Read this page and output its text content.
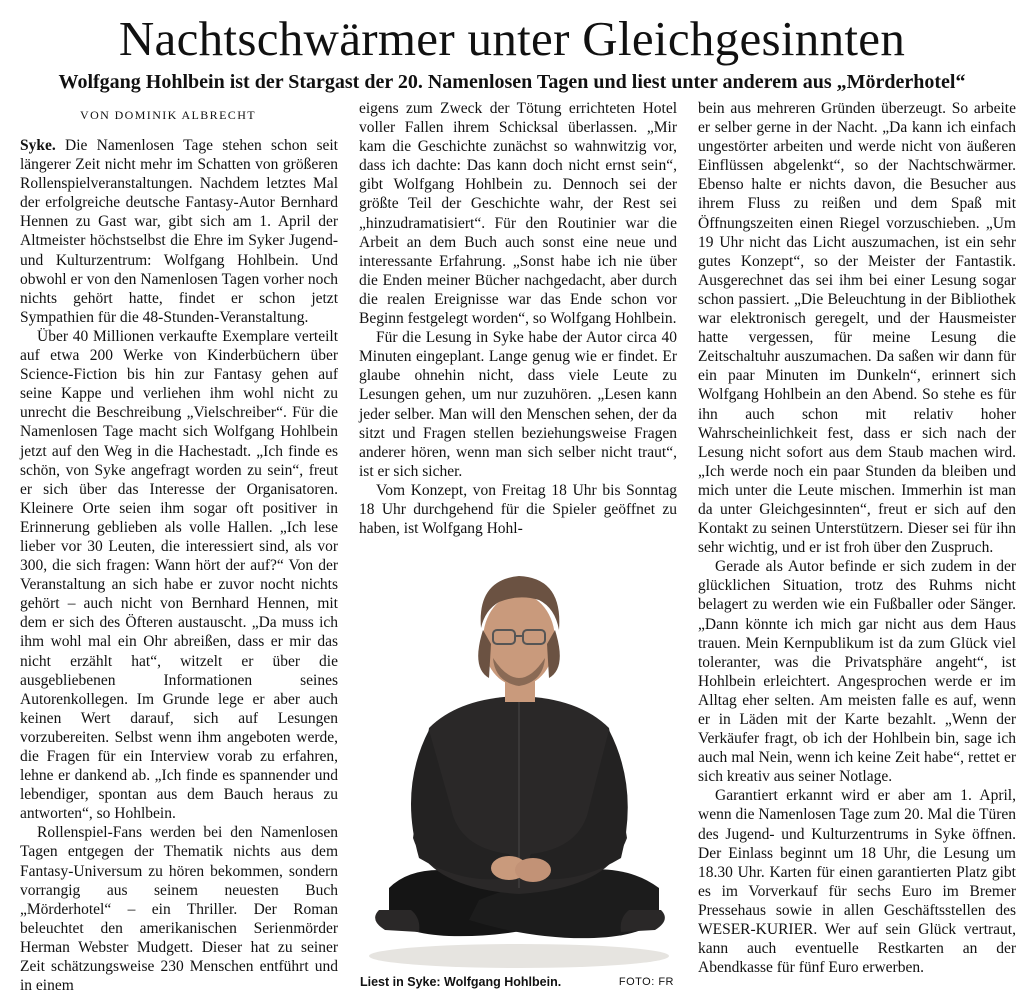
Nachtschwärmer unter Gleichgesinnten
Wolfgang Hohlbein ist der Stargast der 20. Namenlosen Tagen und liest unter anderem aus „Mörderhotel“
VON DOMINIK ALBRECHT

Syke. Die Namenlosen Tage stehen schon seit längerer Zeit nicht mehr im Schatten von größeren Rollenspielveranstaltungen. Nachdem letztes Mal der erfolgreiche deutsche Fantasy-Autor Bernhard Hennen zu Gast war, gibt sich am 1. April der Altmeister höchstselbst die Ehre im Syker Jugend- und Kulturzentrum: Wolfgang Hohlbein. Und obwohl er von den Namenlosen Tagen vorher noch nichts gehört hatte, findet er schon jetzt Sympathien für die 48-Stunden-Veranstaltung.

Über 40 Millionen verkaufte Exemplare verteilt auf etwa 200 Werke von Kinderbüchern über Science-Fiction bis hin zur Fantasy gehen auf seine Kappe und verliehen ihm wohl nicht zu unrecht die Beschreibung „Vielschreiber“. Für die Namenlosen Tage macht sich Wolfgang Hohlbein jetzt auf den Weg in die Hachestadt. „Ich finde es schön, von Syke angefragt worden zu sein“, freut er sich über das Interesse der Organisatoren. Kleinere Orte seien ihm sogar oft positiver in Erinnerung geblieben als volle Hallen. „Ich lese lieber vor 30 Leuten, die interessiert sind, als vor 300, die sich fragen: Wann hört der auf?“ Von der Veranstaltung an sich habe er zuvor nocht nichts gehört – auch nicht von Bernhard Hennen, mit dem er sich des Öfteren austauscht. „Da muss ich ihm wohl mal ein Ohr abreißen, dass er mir das nicht erzählt hat“, witzelt er über die ausgebliebenen Informationen seines Autorenkollegen. Im Grunde lege er aber auch keinen Wert darauf, sich auf Lesungen vorzubereiten. Selbst wenn ihm angeboten werde, die Fragen für ein Interview vorab zu erfahren, lehne er dankend ab. „Ich finde es spannender und lebendiger, spontan aus dem Bauch heraus zu antworten“, so Hohlbein.

Rollenspiel-Fans werden bei den Namenlosen Tagen entgegen der Thematik nichts aus dem Fantasy-Universum zu hören bekommen, sondern vorrangig aus seinem neuesten Buch „Mörderhotel“ – ein Thriller. Der Roman beleuchtet den amerikanischen Serienmörder Herman Webster Mudgett. Dieser hat zu seiner Zeit schätzungsweise 230 Menschen entführt und in einem

eigens zum Zweck der Tötung errichteten Hotel voller Fallen ihrem Schicksal überlassen. „Mir kam die Geschichte zunächst so wahnwitzig vor, dass ich dachte: Das kann doch nicht ernst sein“, gibt Wolfgang Hohlbein zu. Dennoch sei der größte Teil der Geschichte wahr, der Rest sei „hinzudramatisiert“. Für den Routinier war die Arbeit an dem Buch auch sonst eine neue und interessante Erfahrung. „Sonst habe ich nie über die Enden meiner Bücher nachgedacht, aber durch die realen Ereignisse war das Ende schon vor Beginn festgelegt worden“, so Wolfgang Hohlbein.

Für die Lesung in Syke habe der Autor circa 40 Minuten eingeplant. Lange genug wie er findet. Er glaube ohnehin nicht, dass viele Leute zu Lesungen gehen, um nur zuzuhören. „Lesen kann jeder selber. Man will den Menschen sehen, der da sitzt und Fragen stellen beziehungsweise Fragen anderer hören, wenn man sich selber nicht traut“, ist er sich sicher.

Vom Konzept, von Freitag 18 Uhr bis Sonntag 18 Uhr durchgehend für die Spieler geöffnet zu haben, ist Wolfgang Hohl-

bein aus mehreren Gründen überzeugt. So arbeite er selber gerne in der Nacht. „Da kann ich einfach ungestörter arbeiten und werde nicht von äußeren Einflüssen abgelenkt“, so der Nachtschwärmer. Ebenso halte er nichts davon, die Besucher aus ihrem Fluss zu reißen und dem Spaß mit Öffnungszeiten einen Riegel vorzuschieben. „Um 19 Uhr nicht das Licht auszumachen, ist ein sehr gutes Konzept“, so der Meister der Fantastik. Ausgerechnet das sei ihm bei einer Lesung sogar schon passiert. „Die Beleuchtung in der Bibliothek war elektronisch geregelt, und der Hausmeister hatte vergessen, für meine Lesung die Zeitschaltuhr auszumachen. Da saßen wir dann für ein paar Minuten im Dunkeln“, erinnert sich Wolfgang Hohlbein an den Abend. So stehe es für ihn auch schon mit relativ hoher Wahrscheinlichkeit fest, dass er sich nach der Lesung nicht sofort aus dem Staub machen wird. „Ich werde noch ein paar Stunden da bleiben und mich unter die Leute mischen. Immerhin ist man da unter Gleichgesinnten“, freut er sich auf den Kontakt zu seinen Unterstützern. Dieser sei für ihn sehr wichtig, und er ist froh über den Zuspruch.

Gerade als Autor befinde er sich zudem in der glücklichen Situation, trotz des Ruhms nicht belagert zu werden wie ein Fußballer oder Sänger. „Dann könnte ich mich gar nicht aus dem Haus trauen. Mein Kernpublikum ist da zum Glück viel toleranter, was die Privatsphäre angeht“, ist Hohlbein erleichtert. Angesprochen werde er im Alltag eher selten. Am meisten falle es auf, wenn er in Läden mit der Karte bezahlt. „Wenn der Verkäufer fragt, ob ich der Hohlbein bin, sage ich auch mal Nein, wenn ich keine Zeit habe“, rettet er sich kreativ aus seiner Notlage.

Garantiert erkannt wird er aber am 1. April, wenn die Namenlosen Tage zum 20. Mal die Türen des Jugend- und Kulturzentrums in Syke öffnen. Der Einlass beginnt um 18 Uhr, die Lesung um 18.30 Uhr. Karten für einen garantierten Platz gibt es im Vorverkauf für sechs Euro im Bremer Pressehaus sowie in allen Geschäftsstellen des WESER-KURIER. Wer auf sein Glück vertraut, kann auch eventuelle Restkarten an der Abendkasse für fünf Euro erwerben.

Liest in Syke: Wolfgang Hohlbein.	FOTO: FR
